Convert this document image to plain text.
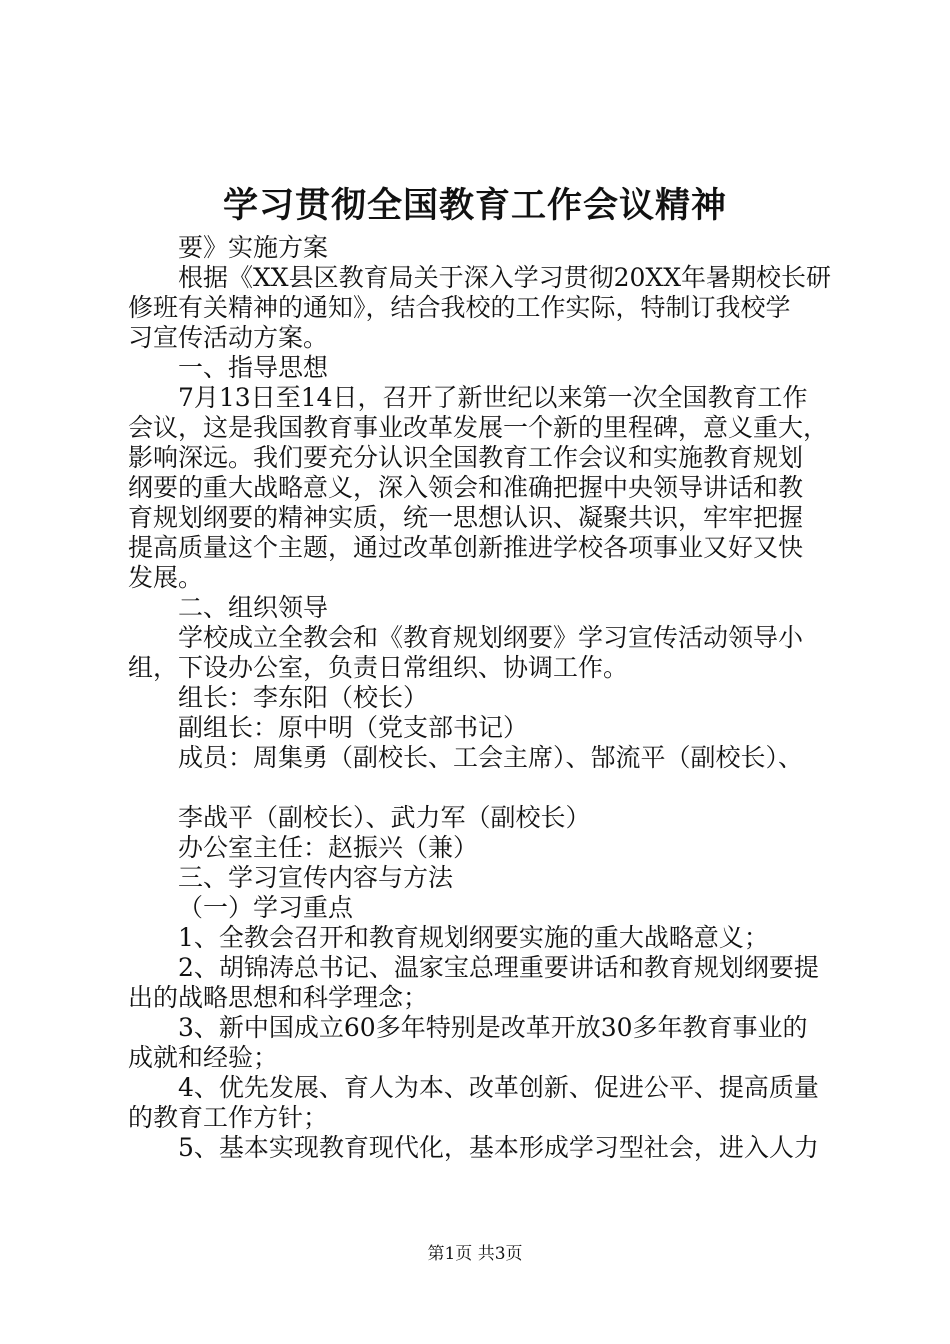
学习贯彻全国教育工作会议精神
要》实施方案
根据《XX县区教育局关于深入学习贯彻20XX年暑期校长研
修班有关精神的通知》，结合我校的工作实际，特制订我校学
习宣传活动方案。
一、指导思想
7月13日至14日，召开了新世纪以来第一次全国教育工作
会议，这是我国教育事业改革发展一个新的里程碑，意义重大，
影响深远。我们要充分认识全国教育工作会议和实施教育规划
纲要的重大战略意义，深入领会和准确把握中央领导讲话和教
育规划纲要的精神实质，统一思想认识、凝聚共识，牢牢把握
提高质量这个主题，通过改革创新推进学校各项事业又好又快
发展。
二、组织领导
学校成立全教会和《教育规划纲要》学习宣传活动领导小
组，下设办公室，负责日常组织、协调工作。
组长：李东阳（校长）
副组长：原中明（党支部书记）
成员：周集勇（副校长、工会主席）、郜流平（副校长）、
李战平（副校长）、武力军（副校长）
办公室主任：赵振兴（兼）
三、学习宣传内容与方法
（一）学习重点
1、全教会召开和教育规划纲要实施的重大战略意义；
2、胡锦涛总书记、温家宝总理重要讲话和教育规划纲要提
出的战略思想和科学理念；
3、新中国成立60多年特别是改革开放30多年教育事业的
成就和经验；
4、优先发展、育人为本、改革创新、促进公平、提高质量
的教育工作方针；
5、基本实现教育现代化，基本形成学习型社会，进入人力
第1页 共3页
